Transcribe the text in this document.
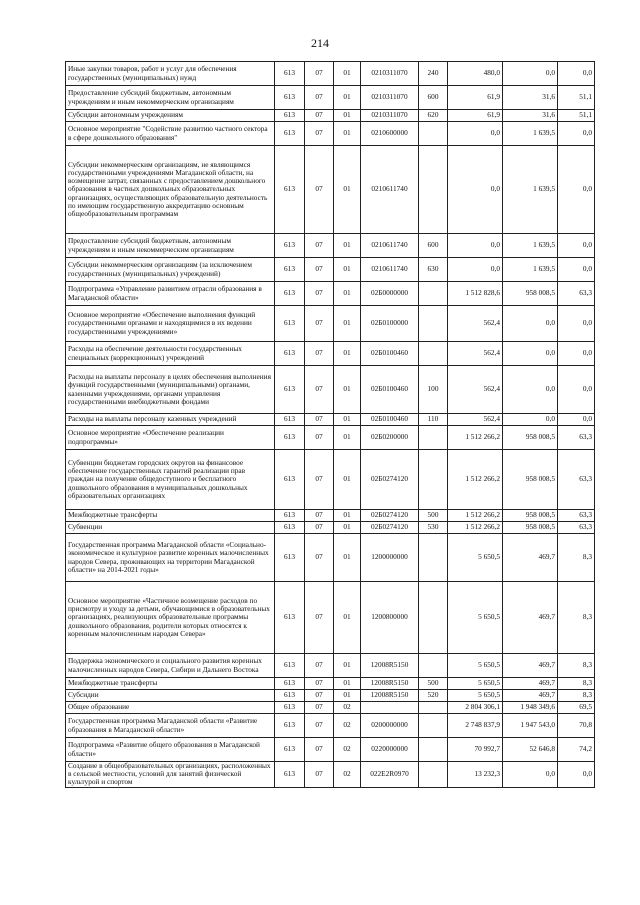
214
Иные закупки товаров, работ и услуг для обеспечения государственных (муниципальных) нужд	613	07	01	0210311070	240	480,0	0,0	0,0
Предоставление субсидий бюджетным, автономным учреждениям и иным некоммерческим организациям	613	07	01	0210311070	600	61,9	31,6	51,1
Субсидии автономным учреждениям	613	07	01	0210311070	620	61,9	31,6	51,1
Основное мероприятие "Содействие развитию частного сектора в сфере дошкольного образования"	613	07	01	0210600000		0,0	1 639,5	0,0
Субсидии некоммерческим организациям, не являющимся государственными учреждениями Магаданской области, на возмещение затрат, связанных с предоставлением дошкольного образования в частных дошкольных образовательных организациях, осуществляющих образовательную деятельность по имеющим государственную аккредитацию основным общеобразовательным программам	613	07	01	0210611740		0,0	1 639,5	0,0
Предоставление субсидий бюджетным, автономным учреждениям и иным некоммерческим организациям	613	07	01	0210611740	600	0,0	1 639,5	0,0
Субсидии некоммерческим организациям (за исключением государственных (муниципальных) учреждений)	613	07	01	0210611740	630	0,0	1 639,5	0,0
Подпрограмма «Управление развитием отрасли образования в Магаданской области»	613	07	01	02Б0000000		1 512 828,6	958 008,5	63,3
Основное мероприятие «Обеспечение выполнения функций государственными органами и находящимися в их ведении государственными учреждениями»	613	07	01	02Б0100000		562,4	0,0	0,0
Расходы на обеспечение деятельности государственных специальных (коррекционных) учреждений	613	07	01	02Б0100460		562,4	0,0	0,0
Расходы на выплаты персоналу в целях обеспечения выполнения функций государственными (муниципальными) органами, казенными учреждениями, органами управления государственными внебюджетными фондами	613	07	01	02Б0100460	100	562,4	0,0	0,0
Расходы на выплаты персоналу казенных учреждений	613	07	01	02Б0100460	110	562,4	0,0	0,0
Основное мероприятие «Обеспечение реализации подпрограммы»	613	07	01	02Б0200000		1 512 266,2	958 008,5	63,3
Субвенции бюджетам городских округов на финансовое обеспечение государственных гарантий реализации прав граждан на получение общедоступного и бесплатного дошкольного образования в муниципальных дошкольных образовательных организациях	613	07	01	02Б0274120		1 512 266,2	958 008,5	63,3
Межбюджетные трансферты	613	07	01	02Б0274120	500	1 512 266,2	958 008,5	63,3
Субвенции	613	07	01	02Б0274120	530	1 512 266,2	958 008,5	63,3
Государственная программа Магаданской области «Социально-экономическое и культурное развитие коренных малочисленных народов Севера, проживающих на территории Магаданской области» на 2014-2021 годы»	613	07	01	1200000000		5 650,5	469,7	8,3
Основное мероприятие «Частичное возмещение расходов по присмотру и уходу за детьми, обучающимися в образовательных организациях, реализующих образовательные программы дошкольного образования, родители которых относятся к коренным малочисленным народам Севера»	613	07	01	1200800000		5 650,5	469,7	8,3
Поддержка экономического и социального развития коренных малочисленных народов Севера, Сибири и Дальнего Востока	613	07	01	12008R5150		5 650,5	469,7	8,3
Межбюджетные трансферты	613	07	01	12008R5150	500	5 650,5	469,7	8,3
Субсидии	613	07	01	12008R5150	520	5 650,5	469,7	8,3
Общее образование	613	07	02			2 804 306,1	1 948 349,6	69,5
Государственная программа Магаданской области «Развитие образования в Магаданской области»	613	07	02	0200000000		2 748 837,9	1 947 543,0	70,8
Подпрограмма «Развитие общего образования в Магаданской области»	613	07	02	0220000000		70 992,7	52 646,8	74,2
Создание в общеобразовательных организациях, расположенных в сельской местности, условий для занятий физической культурой и спортом	613	07	02	022E2R0970		13 232,3	0,0	0,0
